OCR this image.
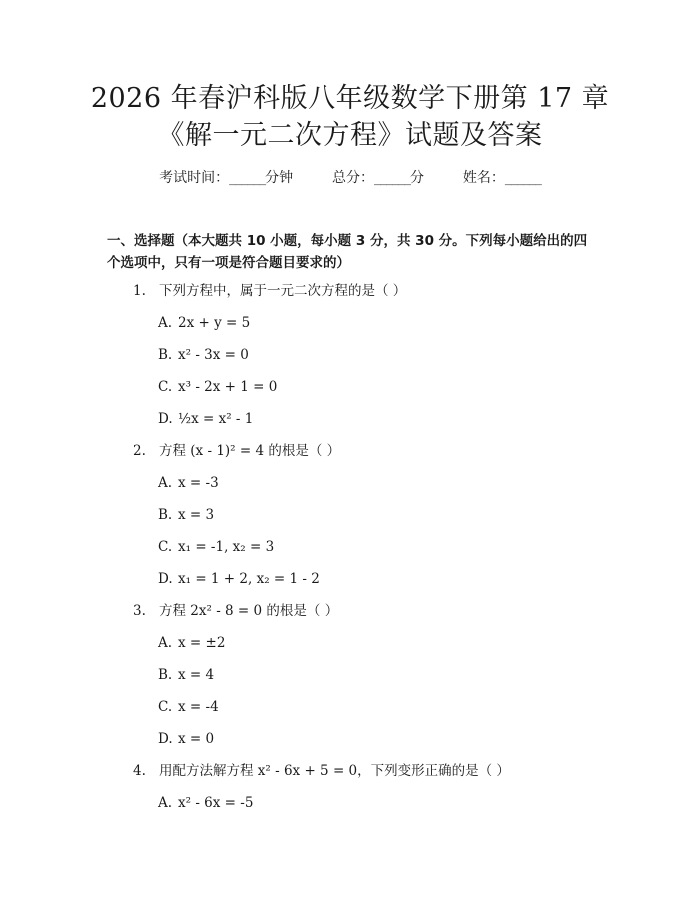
2026 年春沪科版八年级数学下册第 17 章
《解一元二次方程》试题及答案
考试时间：______分钟	总分：______分	姓名：______
一、选择题（本大题共 10 小题，每小题 3 分，共 30 分。下列每小题给出的四个选项中，只有一项是符合题目要求的）
1. 下列方程中，属于一元二次方程的是（ ）
A. 2x + y = 5
B. x² - 3x = 0
C. x³ - 2x + 1 = 0
D. ½x = x² - 1
2. 方程 (x - 1)² = 4 的根是（ ）
A. x = -3
B. x = 3
C. x₁ = -1, x₂ = 3
D. x₁ = 1 + 2, x₂ = 1 - 2
3. 方程 2x² - 8 = 0 的根是（ ）
A. x = ±2
B. x = 4
C. x = -4
D. x = 0
4. 用配方法解方程 x² - 6x + 5 = 0，下列变形正确的是（ ）
A. x² - 6x = -5
